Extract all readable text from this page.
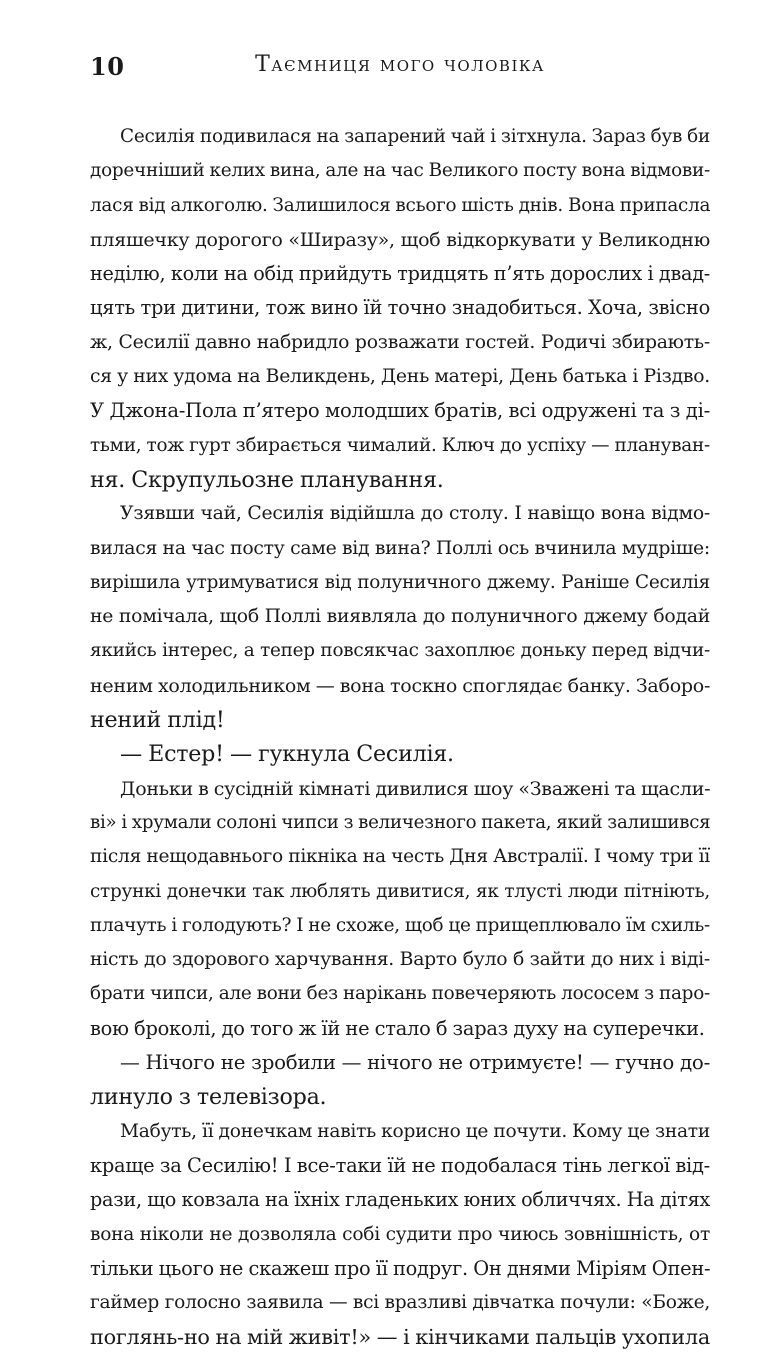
10	Таємниця мого чоловіка
Сесилія подивилася на запарений чай і зітхнула. Зараз був би
доречніший келих вина, але на час Великого посту вона відмови-
лася від алкоголю. Залишилося всього шість днів. Вона припасла
пляшечку дорогого «Ширазу», щоб відкоркувати у Великодню
неділю, коли на обід прийдуть тридцять п’ять дорослих і двад-
цять три дитини, тож вино їй точно знадобиться. Хоча, звісно
ж, Сесилії давно набридло розважати гостей. Родичі збирають-
ся у них удома на Великдень, День матері, День батька і Різдво.
У Джона-Пола п’ятеро молодших братів, всі одружені та з ді-
тьми, тож гурт збирається чималий. Ключ до успіху — плануван-
ня. Скрупульозне планування.
Узявши чай, Сесилія відійшла до столу. І навіщо вона відмо-
вилася на час посту саме від вина? Поллі ось вчинила мудріше:
вирішила утримуватися від полуничного джему. Раніше Сесилія
не помічала, щоб Поллі виявляла до полуничного джему бодай
якийсь інтерес, а тепер повсякчас захоплює доньку перед відчи-
неним холодильником — вона тоскно споглядає банку. Заборо-
нений плід!
— Естер! — гукнула Сесилія.
Доньки в сусідній кімнаті дивилися шоу «Зважені та щасли-
ві» і хрумали солоні чипси з величезного пакета, який залишився
після нещодавнього пікніка на честь Дня Австралії. І чому три її
стрункі донечки так люблять дивитися, як тлусті люди пітніють,
плачуть і голодують? І не схоже, щоб це прищеплювало їм схиль-
ність до здорового харчування. Варто було б зайти до них і віді-
брати чипси, але вони без нарікань повечеряють лососем з паро-
вою броколі, до того ж їй не стало б зараз духу на суперечки.
— Нічого не зробили — нічого не отримуєте! — гучно до-
линуло з телевізора.
Мабуть, її донечкам навіть корисно це почути. Кому це знати
краще за Сесилію! І все-таки їй не подобалася тінь легкої від-
рази, що ковзала на їхніх гладеньких юних обличчях. На дітях
вона ніколи не дозволяла собі судити про чиюсь зовнішність, от
тільки цього не скажеш про її подруг. Он днями Міріям Опен-
гаймер голосно заявила — всі вразливі дівчатка почули: «Боже,
поглянь-но на мій живіт!» — і кінчиками пальців ухопила
